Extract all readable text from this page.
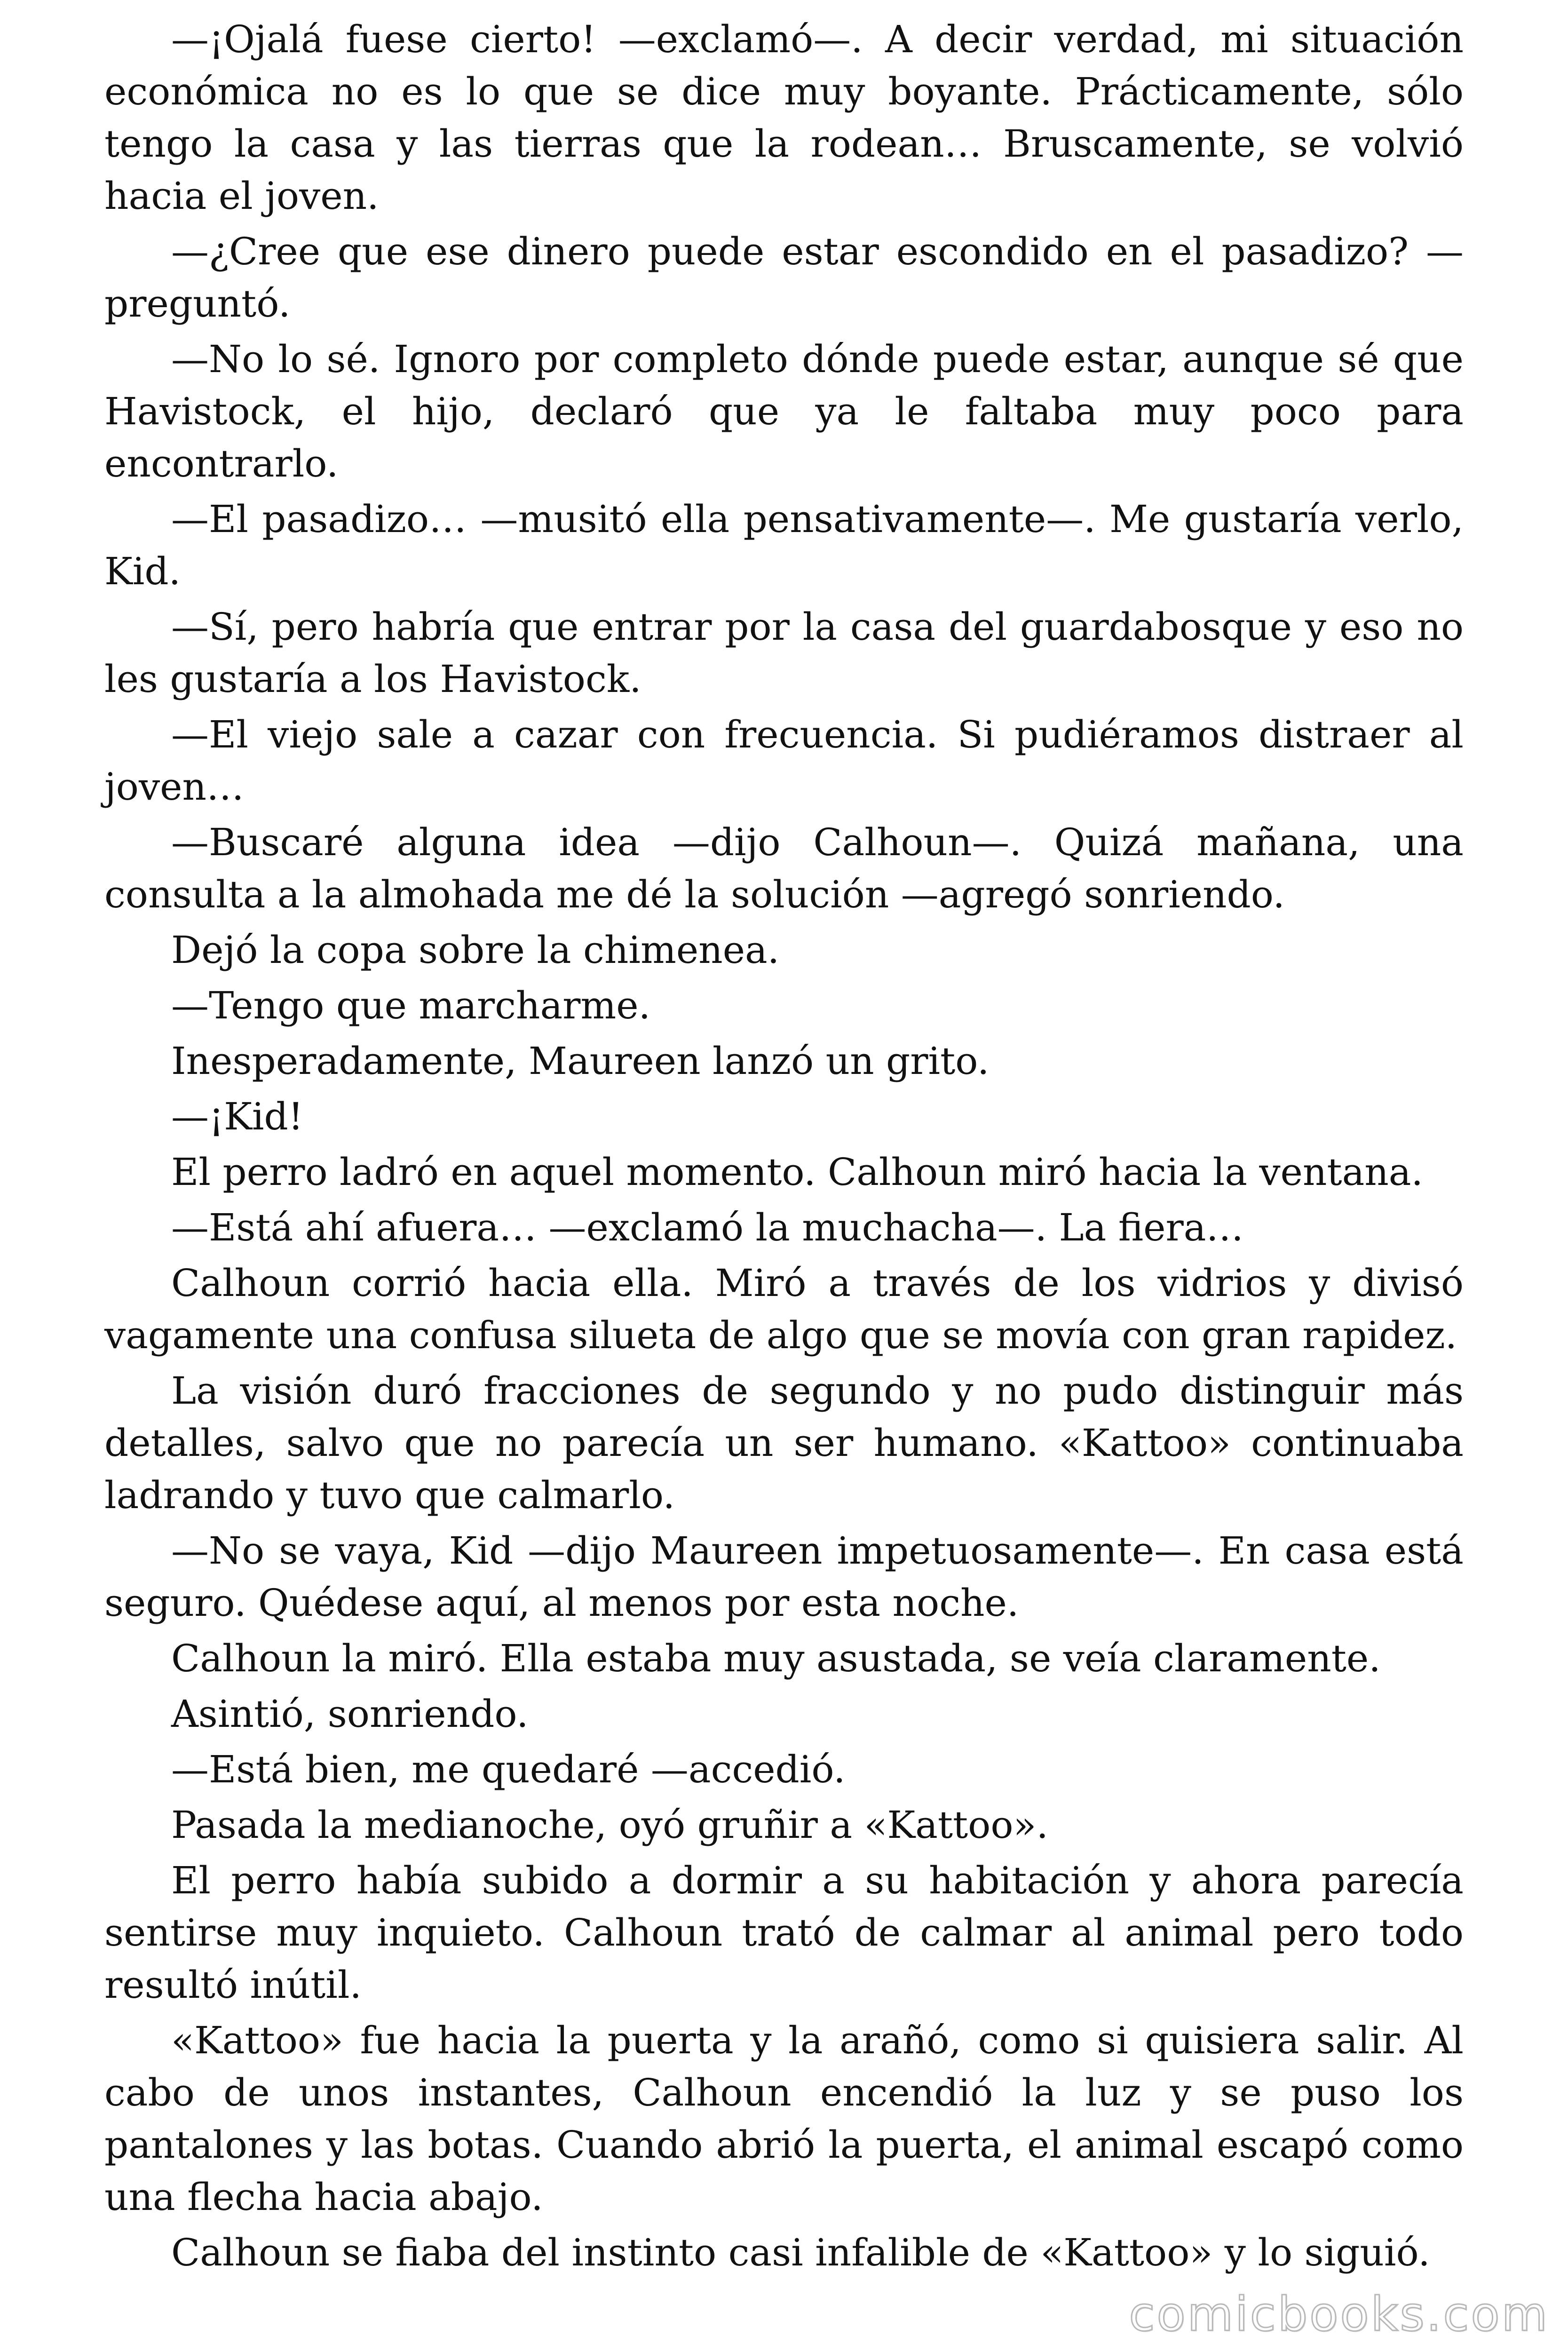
—¡Ojalá fuese cierto! —exclamó—. A decir verdad, mi situación económica no es lo que se dice muy boyante. Prácticamente, sólo tengo la casa y las tierras que la rodean… Bruscamente, se volvió hacia el joven.

—¿Cree que ese dinero puede estar escondido en el pasadizo? —preguntó.

—No lo sé. Ignoro por completo dónde puede estar, aunque sé que Havistock, el hijo, declaró que ya le faltaba muy poco para encontrarlo.

—El pasadizo… —musitó ella pensativamente—. Me gustaría verlo, Kid.

—Sí, pero habría que entrar por la casa del guardabosque y eso no les gustaría a los Havistock.

—El viejo sale a cazar con frecuencia. Si pudiéramos distraer al joven…

—Buscaré alguna idea —dijo Calhoun—. Quizá mañana, una consulta a la almohada me dé la solución —agregó sonriendo.

Dejó la copa sobre la chimenea.

—Tengo que marcharme.

Inesperadamente, Maureen lanzó un grito.

—¡Kid!

El perro ladró en aquel momento. Calhoun miró hacia la ventana.

—Está ahí afuera… —exclamó la muchacha—. La fiera…

Calhoun corrió hacia ella. Miró a través de los vidrios y divisó vagamente una confusa silueta de algo que se movía con gran rapidez.

La visión duró fracciones de segundo y no pudo distinguir más detalles, salvo que no parecía un ser humano. «Kattoo» continuaba ladrando y tuvo que calmarlo.

—No se vaya, Kid —dijo Maureen impetuosamente—. En casa está seguro. Quédese aquí, al menos por esta noche.

Calhoun la miró. Ella estaba muy asustada, se veía claramente.

Asintió, sonriendo.

—Está bien, me quedaré —accedió.

Pasada la medianoche, oyó gruñir a «Kattoo».

El perro había subido a dormir a su habitación y ahora parecía sentirse muy inquieto. Calhoun trató de calmar al animal pero todo resultó inútil.

«Kattoo» fue hacia la puerta y la arañó, como si quisiera salir. Al cabo de unos instantes, Calhoun encendió la luz y se puso los pantalones y las botas. Cuando abrió la puerta, el animal escapó como una flecha hacia abajo.

Calhoun se fiaba del instinto casi infalible de «Kattoo» y lo siguió.

comicbooks.com
